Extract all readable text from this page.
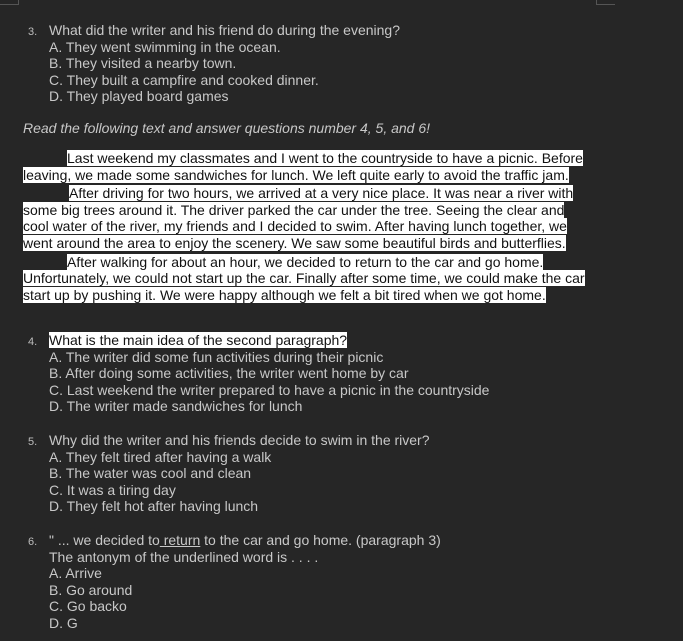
3. What did the writer and his friend do during the evening?
A. They went swimming in the ocean.
B. They visited a nearby town.
C. They built a campfire and cooked dinner.
D. They played board games
Read the following text and answer questions number 4, 5, and 6!

Last weekend my classmates and I went to the countryside to have a picnic. Before leaving, we made some sandwiches for lunch. We left quite early to avoid the traffic jam.

After driving for two hours, we arrived at a very nice place. It was near a river with some big trees around it. The driver parked the car under the tree. Seeing the clear and cool water of the river, my friends and I decided to swim. After having lunch together, we went around the area to enjoy the scenery. We saw some beautiful birds and butterflies.

After walking for about an hour, we decided to return to the car and go home. Unfortunately, we could not start up the car. Finally after some time, we could make the car start up by pushing it. We were happy although we felt a bit tired when we got home.

4. What is the main idea of the second paragraph?
A. The writer did some fun activities during their picnic
B. After doing some activities, the writer went home by car
C. Last weekend the writer prepared to have a picnic in the countryside
D. The writer made sandwiches for lunch
5. Why did the writer and his friends decide to swim in the river?
A. They felt tired after having a walk
B. The water was cool and clean
C. It was a tiring day
D. They felt hot after having lunch
6. " ... we decided to return to the car and go home. (paragraph 3)
The antonym of the underlined word is . . . .
A. Arrive
B. Go around
C. Go backo
D. G
